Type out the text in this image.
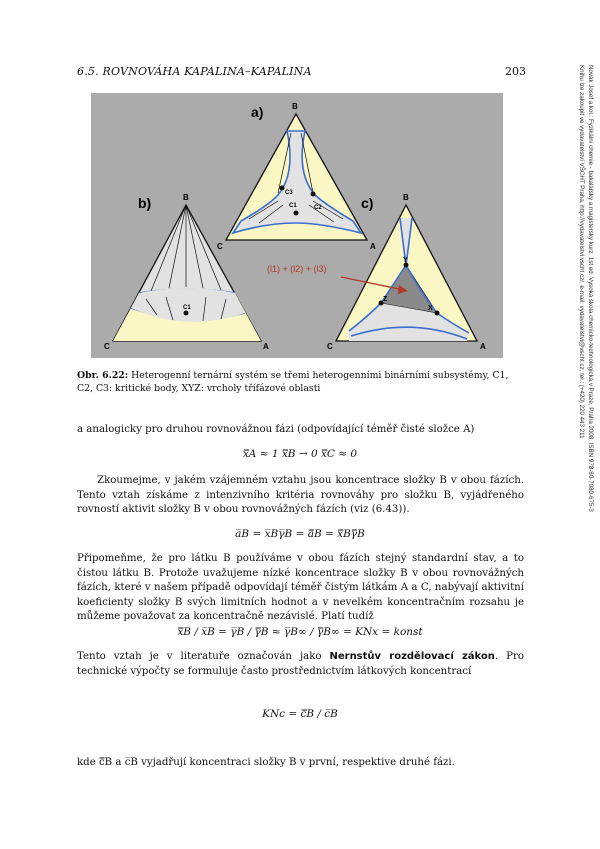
6.5. ROVNOVÁHA KAPALINA–KAPALINA	203	Novák Josef a kol.: Fyzikální chemie - bakalářský a magisterský kurz. 1st ed. Vysoká škola chemicko-technologická v Praze, Praha 2008. ISBN 978-80-7080-675-3
Knihu lze zakoupit ve vydavatelství VŠCHT Praha, http://vydavatelstvi.vscht.cz/, e-mail: vydavatelstvi@vscht.cz, tel.: (+420) 220 443 211
a)	B
C	A
C3
C2
C1
b)	B
C	A
C1
c)	B
C	A
Y
Z
X
(l1) + (l2) + (l3)
Obr. 6.22: Heterogenní ternární systém se třemi heterogenními binárními subsystémy, C1, C2, C3: kritické body, XYZ: vrcholy třífázové oblasti
a analogicky pro druhou rovnovážnou fázi (odpovídající téměř čisté složce A)
x̿A ≈ 1 x̿B → 0 x̿C ≈ 0
Zkoumejme, v jakém vzájemném vztahu jsou koncentrace složky B v obou fázích. Tento vztah získáme z intenzivního kritéria rovnováhy pro složku B, vyjádřeného rovností aktivit složky B v obou rovnovážných fázích (viz (6.43)).
a̅B = x̅Bγ̅B = a̿B = x̿Bγ̿B
Připomeňme, že pro látku B používáme v obou fázích stejný standardní stav, a to čistou látku B. Protože uvažujeme nízké koncentrace složky B v obou rovnovážných fázích, které v našem případě odpovídají téměř čistým látkám A a C, nabývají aktivitní koeficienty složky B svých limitních hodnot a v nevelkém koncentračním rozsahu je můžeme považovat za koncentračně nezávislé. Platí tudíž
x̿B / x̅B = γ̅B / γ̿B ≈ γ̅B∞ / γ̿B∞ = KNx = konst
Tento vztah je v literatuře označován jako Nernstův rozdělovací zákon. Pro technické výpočty se formuluje často prostřednictvím látkových koncentrací
KNc = c̿B / c̅B
kde c̿B a c̅B vyjadřují koncentraci složky B v první, respektive druhé fázi.
